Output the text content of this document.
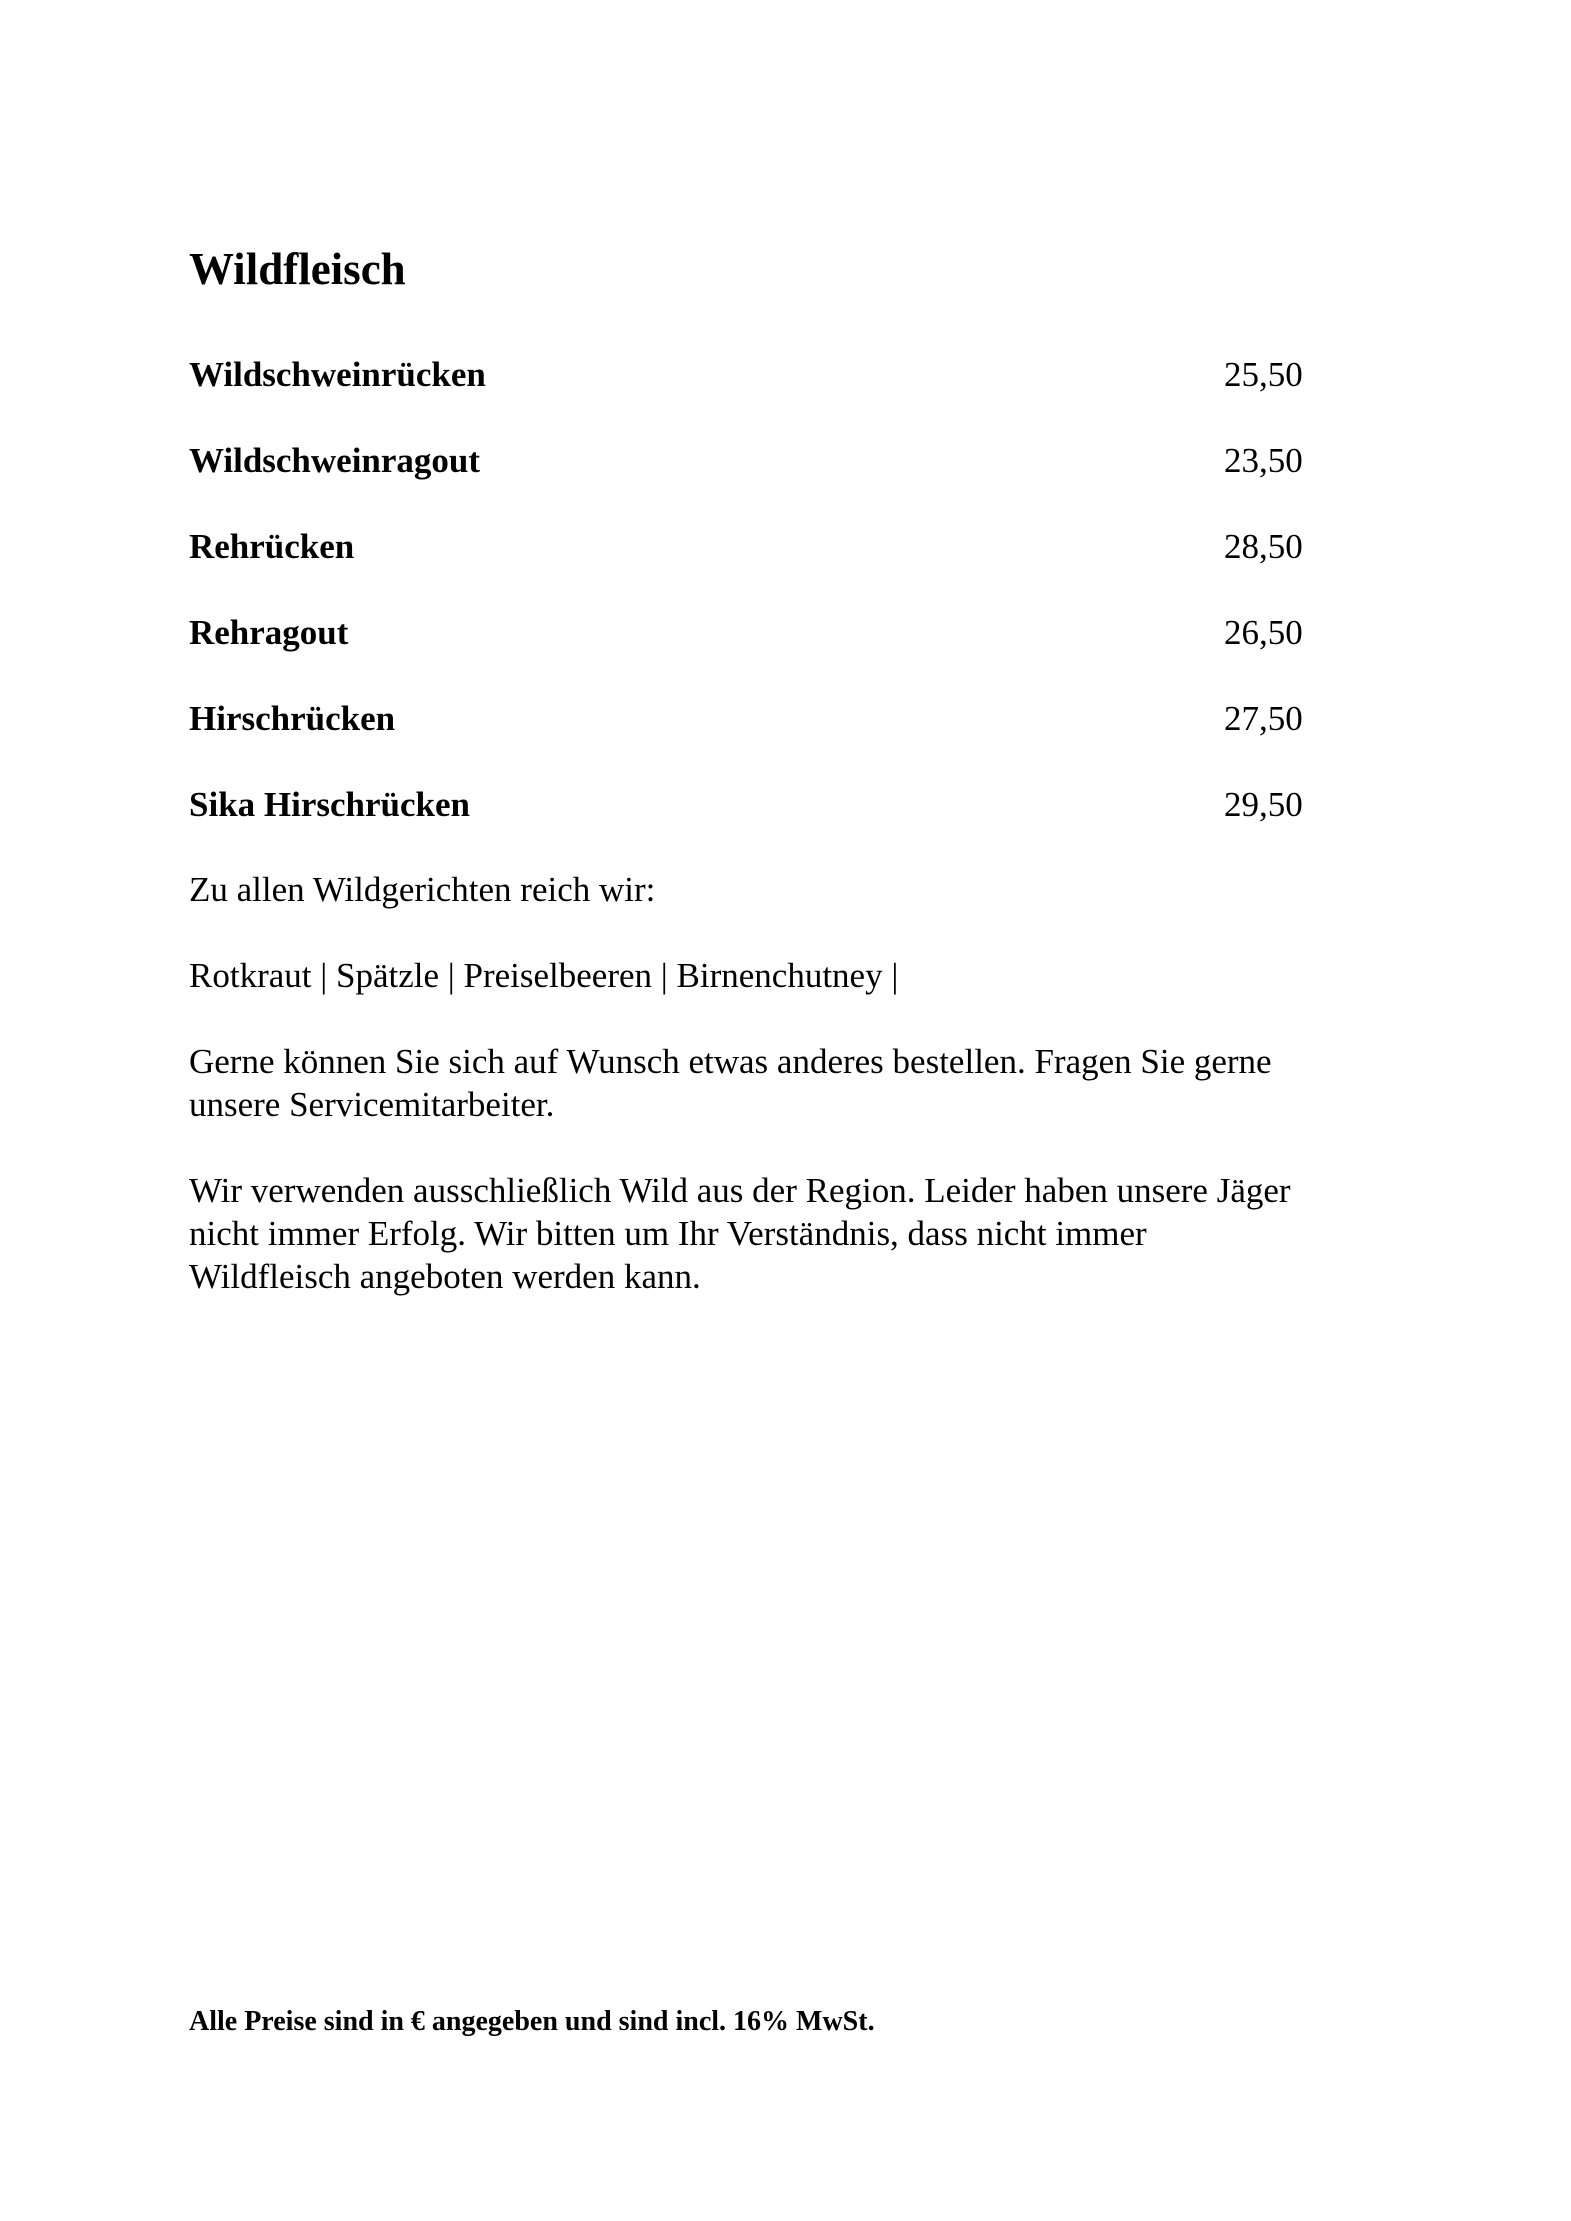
Wildfleisch
Wildschweinrücken	25,50
Wildschweinragout	23,50
Rehrücken	28,50
Rehragout	26,50
Hirschrücken	27,50
Sika Hirschrücken	29,50

Zu allen Wildgerichten reich wir:

Rotkraut | Spätzle | Preiselbeeren | Birnenchutney |

Gerne können Sie sich auf Wunsch etwas anderes bestellen. Fragen Sie gerne
unsere Servicemitarbeiter.

Wir verwenden ausschließlich Wild aus der Region. Leider haben unsere Jäger
nicht immer Erfolg. Wir bitten um Ihr Verständnis, dass nicht immer
Wildfleisch angeboten werden kann.

Alle Preise sind in € angegeben und sind incl. 16% MwSt.
